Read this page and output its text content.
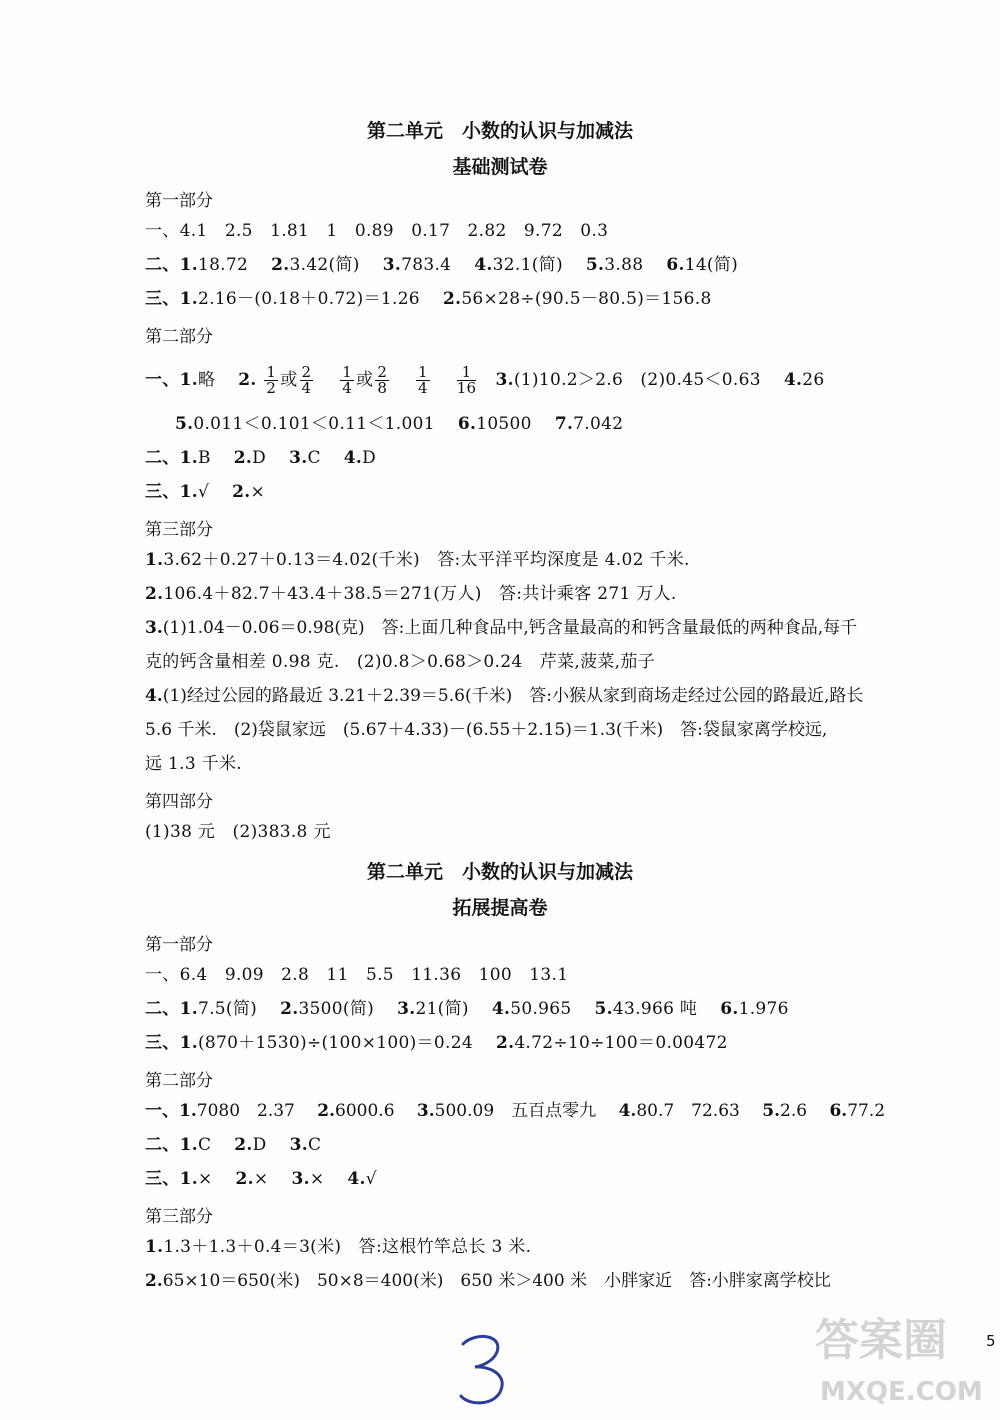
第二单元　小数的认识与加减法
基础测试卷
第一部分
一、4.1　2.5　1.81　1　0.89　0.17　2.82　9.72　0.3
二、1.18.72　 2.3.42(简)　 3.783.4　 4.32.1(简)　 5.3.88　 6.14(简)
三、1.2.16－(0.18＋0.72)＝1.26　 2.56×28÷(90.5－80.5)＝156.8
第二部分
一、1.略　 2. $\frac{1}{2}$ 或 $\frac{2}{4}$
$\frac{1}{4}$ 或 $\frac{2}{8}$
$\frac{1}{4}$
$\frac{1}{16} 3.(1)10.2>2.6$　(2)0.45＜0.63　 4.26
5.0.011＜0.101＜0.11＜1.001　 6.10500　 7.7.042
二、1.B　 2.D　 3.C　 4.D
三、1.√　 2.×
第三部分
1.3.62＋0.27＋0.13＝4.02(千米)　答:太平洋平均深度是 4.02 千米.
2.106.4＋82.7＋43.4＋38.5＝271(万人)　答:共计乘客 271 万人.
3.(1)1.04－0.06＝0.98(克)　答:上面几种食品中,钙含量最高的和钙含量最低的两种食品,每千
克的钙含量相差 0.98 克.　(2)0.8＞0.68＞0.24　芹菜,菠菜,茄子
4.(1)经过公园的路最近 3.21＋2.39＝5.6(千米)　答:小猴从家到商场走经过公园的路最近,路长
5.6 千米.　(2)袋鼠家远　(5.67＋4.33)－(6.55＋2.15)＝1.3(千米)　答:袋鼠家离学校远,
远 1.3 千米.
第四部分
(1)38 元　(2)383.8 元
第二单元　小数的认识与加减法
拓展提高卷
第一部分
一、6.4　9.09　2.8　11　5.5　11.36　100　13.1
二、1.7.5(简)　 2.3500(简)　 3.21(简)　 4.50.965　 5.43.966 吨　 6.1.976
三、1.(870＋1530)÷(100×100)＝0.24　 2.4.72÷10÷100＝0.00472
第二部分
一、1.7080　2.37　 2.6000.6　 3.500.09　五百点零九　 4.80.7　72.63　 5.2.6　 6.77.2
二、1.C　 2.D　 3.C
三、1.×　 2.×　 3.×　 4.√
第三部分
1.1.3＋1.3＋0.4＝3(米)　答:这根竹竿总长 3 米.
2.65×10＝650(米)　50×8＝400(米)　650 米＞400 米　小胖家近　答:小胖家离学校比
5
答案圈
MXQE.COM
